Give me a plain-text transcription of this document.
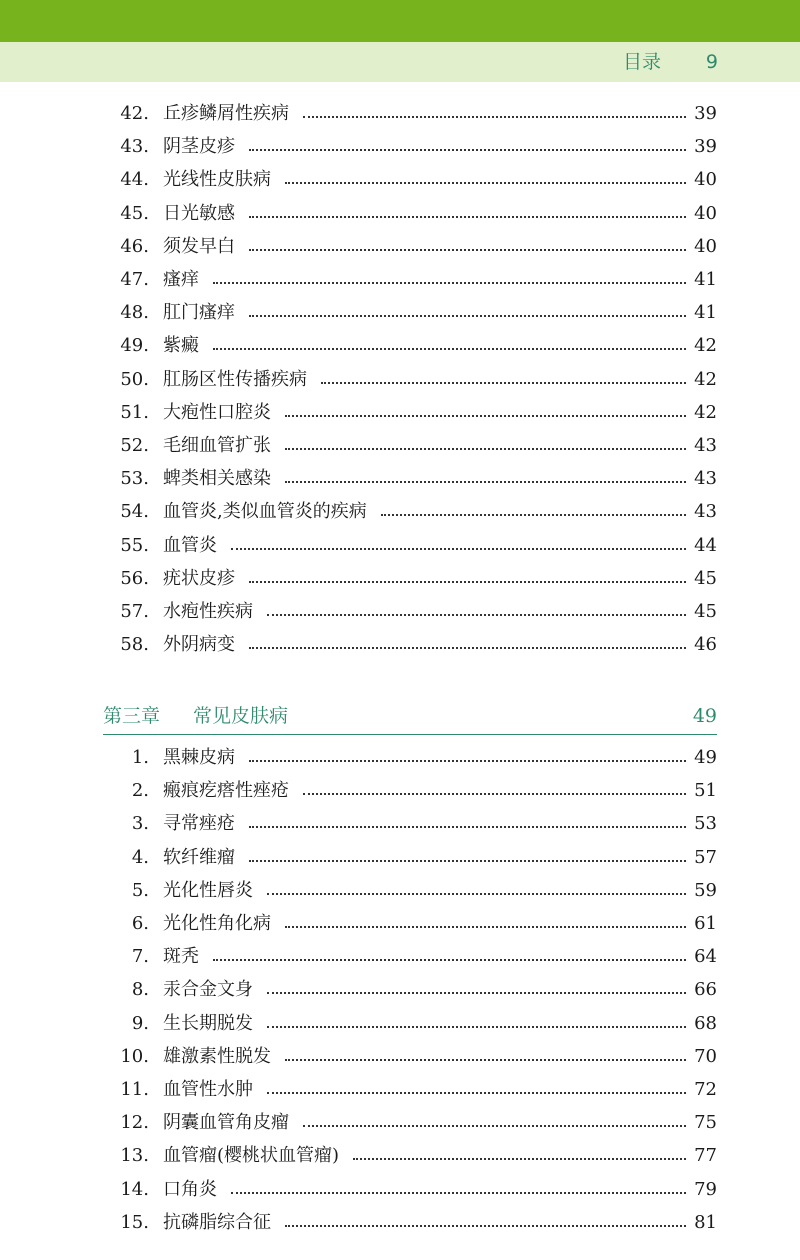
目录 9
42. 丘疹鳞屑性疾病	39
43. 阴茎皮疹	39
44. 光线性皮肤病	40
45. 日光敏感	40
46. 须发早白	40
47. 瘙痒	41
48. 肛门瘙痒	41
49. 紫癜	42
50. 肛肠区性传播疾病	42
51. 大疱性口腔炎	42
52. 毛细血管扩张	43
53. 蜱类相关感染	43
54. 血管炎,类似血管炎的疾病	43
55. 血管炎	44
56. 疣状皮疹	45
57. 水疱性疾病	45
58. 外阴病变	46
第三章 常见皮肤病	49
1. 黑棘皮病	49
2. 瘢痕疙瘩性痤疮	51
3. 寻常痤疮	53
4. 软纤维瘤	57
5. 光化性唇炎	59
6. 光化性角化病	61
7. 斑秃	64
8. 汞合金文身	66
9. 生长期脱发	68
10. 雄激素性脱发	70
11. 血管性水肿	72
12. 阴囊血管角皮瘤	75
13. 血管瘤(樱桃状血管瘤)	77
14. 口角炎	79
15. 抗磷脂综合征	81
